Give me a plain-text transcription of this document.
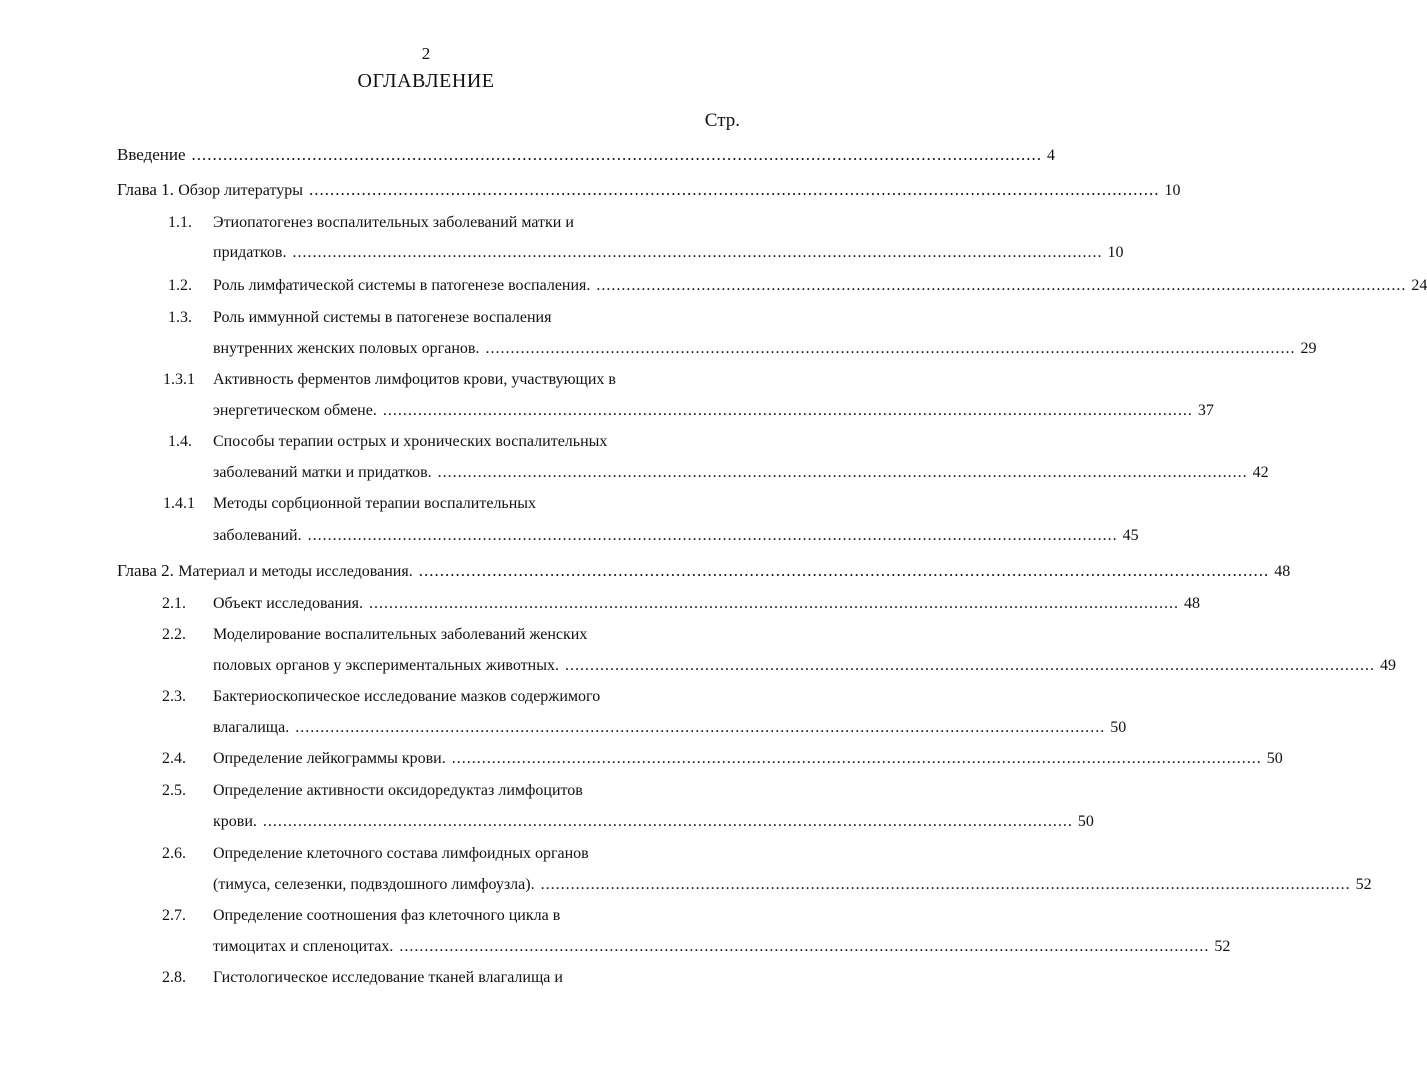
2
ОГЛАВЛЕНИЕ
Стр.
Введение .................................................................................................................................................................. 4
Глава 1. Обзор литературы .................................................................................................................................................................. 10
1.1. Этиопатогенез воспалительных заболеваний матки и
придатков. .................................................................................................................................................................. 10
1.2. Роль лимфатической системы в патогенезе воспаления. .................................................................................................................................................................. 24
1.3. Роль иммунной системы в патогенезе воспаления
внутренних женских половых органов. .................................................................................................................................................................. 29
1.3.1 Активность ферментов лимфоцитов крови, участвующих в
энергетическом обмене. .................................................................................................................................................................. 37
1.4. Способы терапии острых и хронических воспалительных
заболеваний матки и придатков. .................................................................................................................................................................. 42
1.4.1 Методы сорбционной терапии воспалительных
заболеваний. .................................................................................................................................................................. 45
Глава 2. Материал и методы исследования. .................................................................................................................................................................. 48
2.1. Объект исследования. .................................................................................................................................................................. 48
2.2. Моделирование воспалительных заболеваний женских
половых органов у экспериментальных животных. .................................................................................................................................................................. 49
2.3. Бактериоскопическое исследование мазков содержимого
влагалища. .................................................................................................................................................................. 50
2.4. Определение лейкограммы крови. .................................................................................................................................................................. 50
2.5. Определение активности оксидоредуктаз лимфоцитов
крови. .................................................................................................................................................................. 50
2.6. Определение клеточного состава лимфоидных органов
(тимуса, селезенки, подвздошного лимфоузла). .................................................................................................................................................................. 52
2.7. Определение соотношения фаз клеточного цикла в
тимоцитах и спленоцитах. .................................................................................................................................................................. 52
2.8. Гистологическое исследование тканей влагалища и
